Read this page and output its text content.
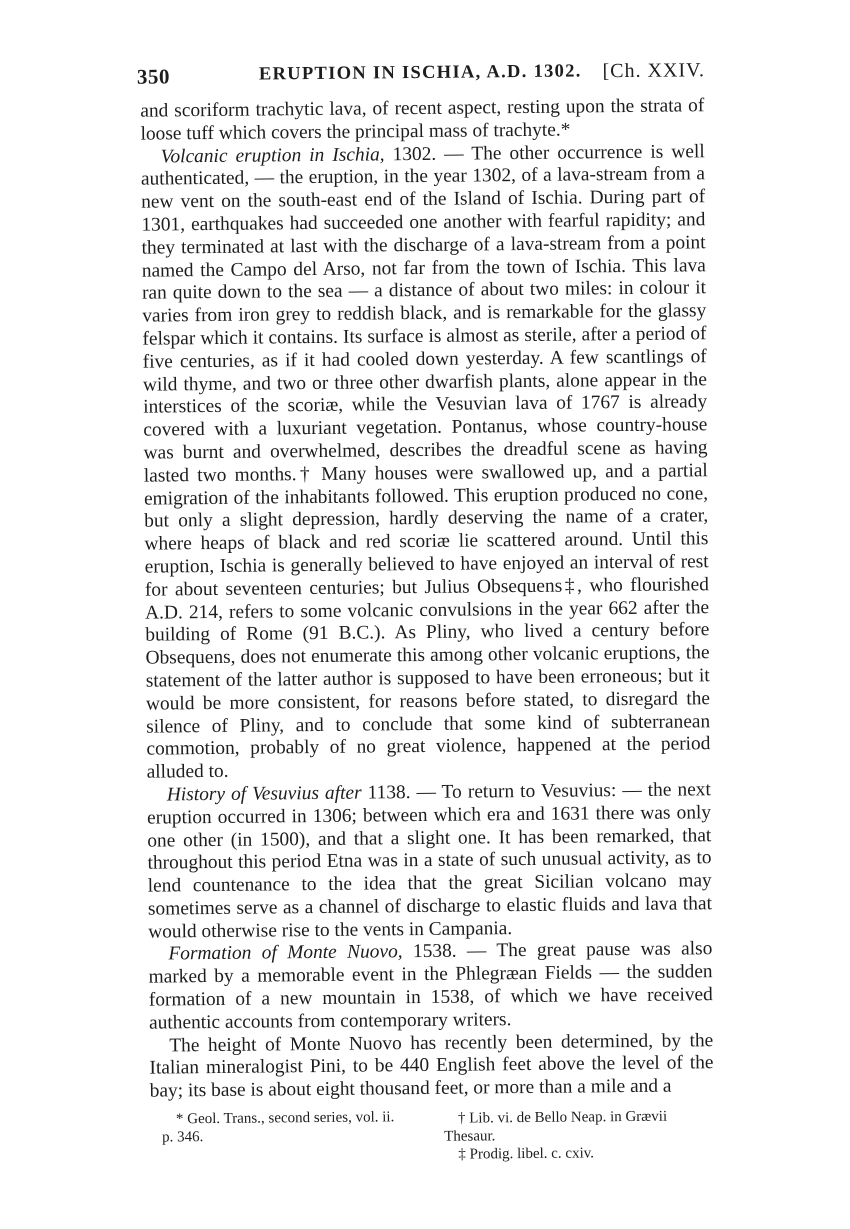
350	ERUPTION IN ISCHIA, A.D. 1302. [Ch. XXIV.

and scoriform trachytic lava, of recent aspect, resting upon the strata of loose tuff which covers the principal mass of trachyte.*

Volcanic eruption in Ischia, 1302. — The other occurrence is well authenticated, — the eruption, in the year 1302, of a lava-stream from a new vent on the south-east end of the Island of Ischia. During part of 1301, earthquakes had succeeded one another with fearful rapidity; and they terminated at last with the discharge of a lava-stream from a point named the Campo del Arso, not far from the town of Ischia. This lava ran quite down to the sea — a distance of about two miles: in colour it varies from iron grey to reddish black, and is remarkable for the glassy felspar which it contains. Its surface is almost as sterile, after a period of five centuries, as if it had cooled down yesterday. A few scantlings of wild thyme, and two or three other dwarfish plants, alone appear in the interstices of the scoriæ, while the Vesuvian lava of 1767 is already covered with a luxuriant vegetation. Pontanus, whose country-house was burnt and overwhelmed, describes the dreadful scene as having lasted two months.† Many houses were swallowed up, and a partial emigration of the inhabitants followed. This eruption produced no cone, but only a slight depression, hardly deserving the name of a crater, where heaps of black and red scoriæ lie scattered around. Until this eruption, Ischia is generally believed to have enjoyed an interval of rest for about seventeen centuries; but Julius Obsequens‡, who flourished A.D. 214, refers to some volcanic convulsions in the year 662 after the building of Rome (91 B.C.). As Pliny, who lived a century before Obsequens, does not enumerate this among other volcanic eruptions, the statement of the latter author is supposed to have been erroneous; but it would be more consistent, for reasons before stated, to disregard the silence of Pliny, and to conclude that some kind of subterranean commotion, probably of no great violence, happened at the period alluded to.

History of Vesuvius after 1138. — To return to Vesuvius: — the next eruption occurred in 1306; between which era and 1631 there was only one other (in 1500), and that a slight one. It has been remarked, that throughout this period Etna was in a state of such unusual activity, as to lend countenance to the idea that the great Sicilian volcano may sometimes serve as a channel of discharge to elastic fluids and lava that would otherwise rise to the vents in Campania.

Formation of Monte Nuovo, 1538. — The great pause was also marked by a memorable event in the Phlegræan Fields — the sudden formation of a new mountain in 1538, of which we have received authentic accounts from contemporary writers.

The height of Monte Nuovo has recently been determined, by the Italian mineralogist Pini, to be 440 English feet above the level of the bay; its base is about eight thousand feet, or more than a mile and a

* Geol. Trans., second series, vol. ii.
p. 346.
† Lib. vi. de Bello Neap. in Grævii
Thesaur.
‡ Prodig. libel. c. cxiv.
